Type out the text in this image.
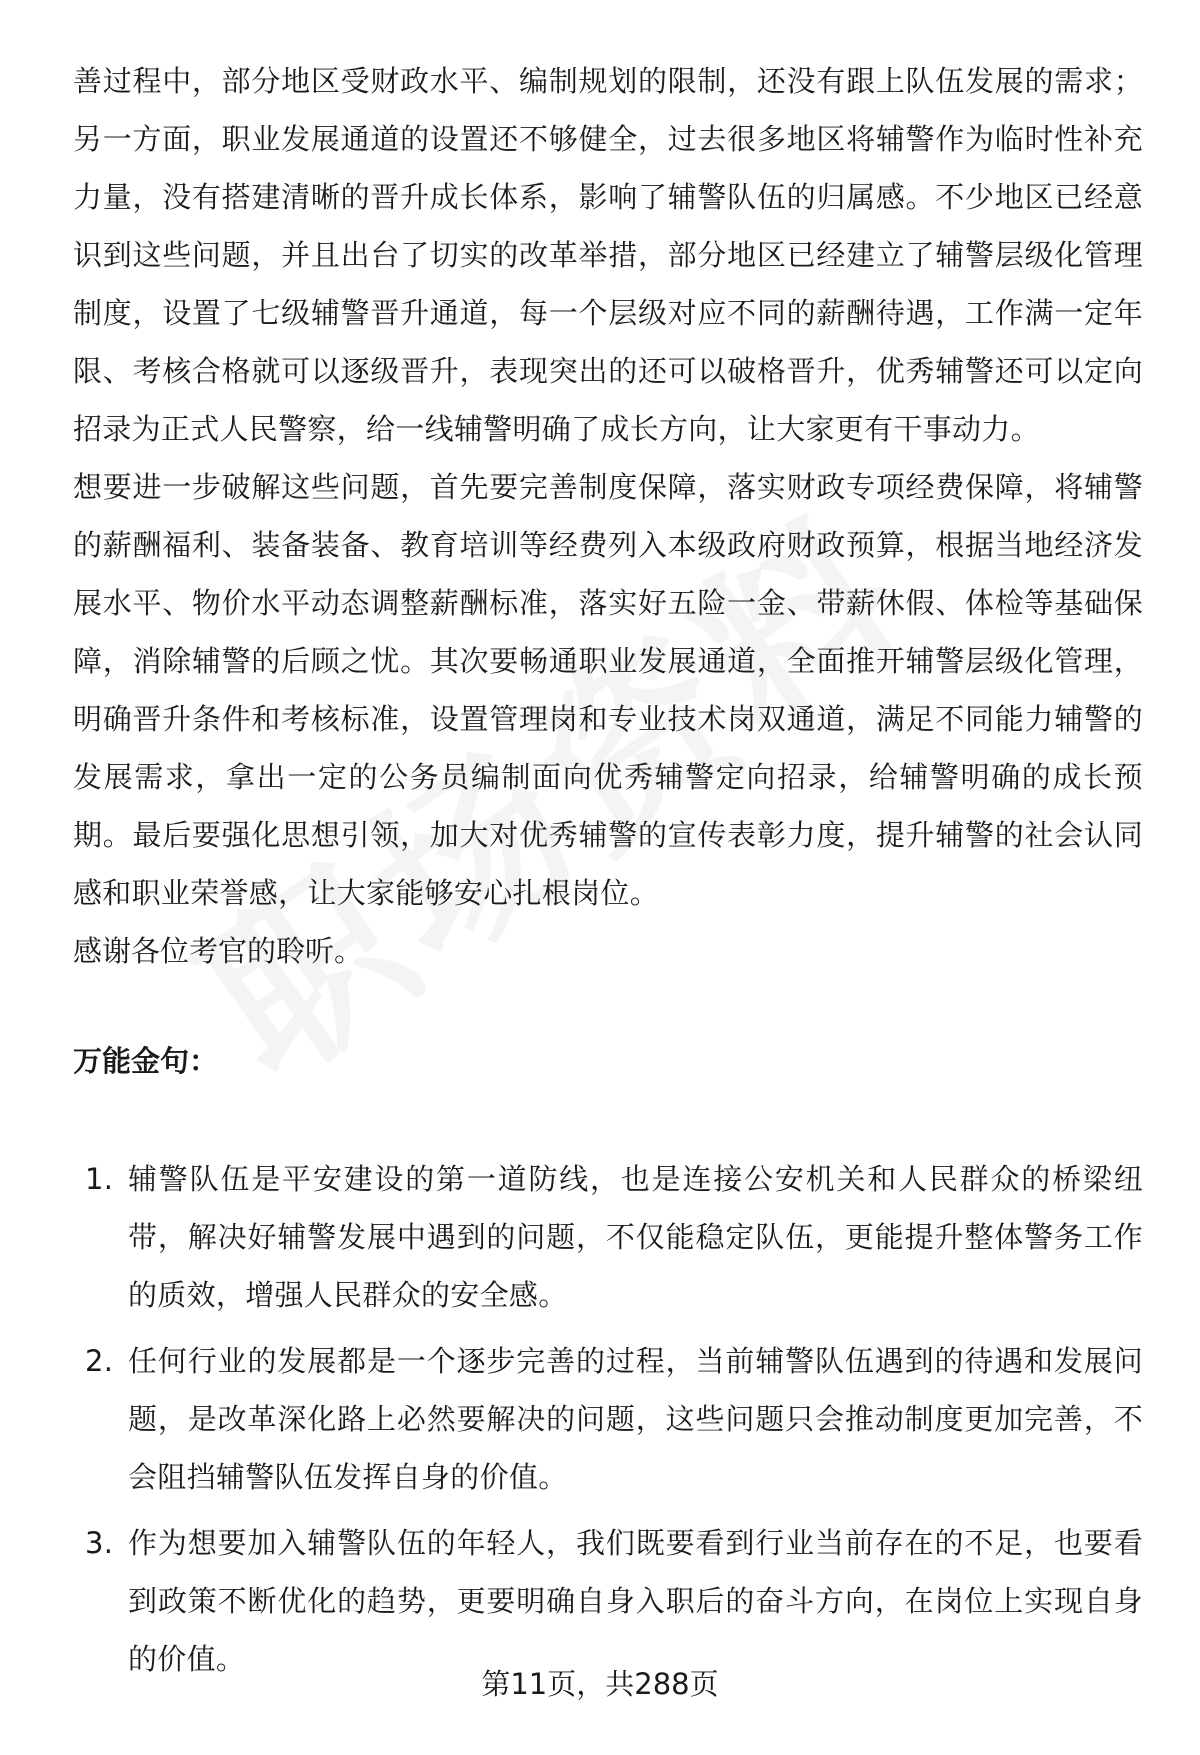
善过程中，部分地区受财政水平、编制规划的限制，还没有跟上队伍发展的需求；另一方面，职业发展通道的设置还不够健全，过去很多地区将辅警作为临时性补充力量，没有搭建清晰的晋升成长体系，影响了辅警队伍的归属感。不少地区已经意识到这些问题，并且出台了切实的改革举措，部分地区已经建立了辅警层级化管理制度，设置了七级辅警晋升通道，每一个层级对应不同的薪酬待遇，工作满一定年限、考核合格就可以逐级晋升，表现突出的还可以破格晋升，优秀辅警还可以定向招录为正式人民警察，给一线辅警明确了成长方向，让大家更有干事动力。

想要进一步破解这些问题，首先要完善制度保障，落实财政专项经费保障，将辅警的薪酬福利、装备装备、教育培训等经费列入本级政府财政预算，根据当地经济发展水平、物价水平动态调整薪酬标准，落实好五险一金、带薪休假、体检等基础保障，消除辅警的后顾之忧。其次要畅通职业发展通道，全面推开辅警层级化管理，明确晋升条件和考核标准，设置管理岗和专业技术岗双通道，满足不同能力辅警的发展需求，拿出一定的公务员编制面向优秀辅警定向招录，给辅警明确的成长预期。最后要强化思想引领，加大对优秀辅警的宣传表彰力度，提升辅警的社会认同感和职业荣誉感，让大家能够安心扎根岗位。

感谢各位考官的聆听。

万能金句：
1. 辅警队伍是平安建设的第一道防线，也是连接公安机关和人民群众的桥梁纽带，解决好辅警发展中遇到的问题，不仅能稳定队伍，更能提升整体警务工作的质效，增强人民群众的安全感。
2. 任何行业的发展都是一个逐步完善的过程，当前辅警队伍遇到的待遇和发展问题，是改革深化路上必然要解决的问题，这些问题只会推动制度更加完善，不会阻挡辅警队伍发挥自身的价值。
3. 作为想要加入辅警队伍的年轻人，我们既要看到行业当前存在的不足，也要看到政策不断优化的趋势，更要明确自身入职后的奋斗方向，在岗位上实现自身的价值。
第11页，共288页
